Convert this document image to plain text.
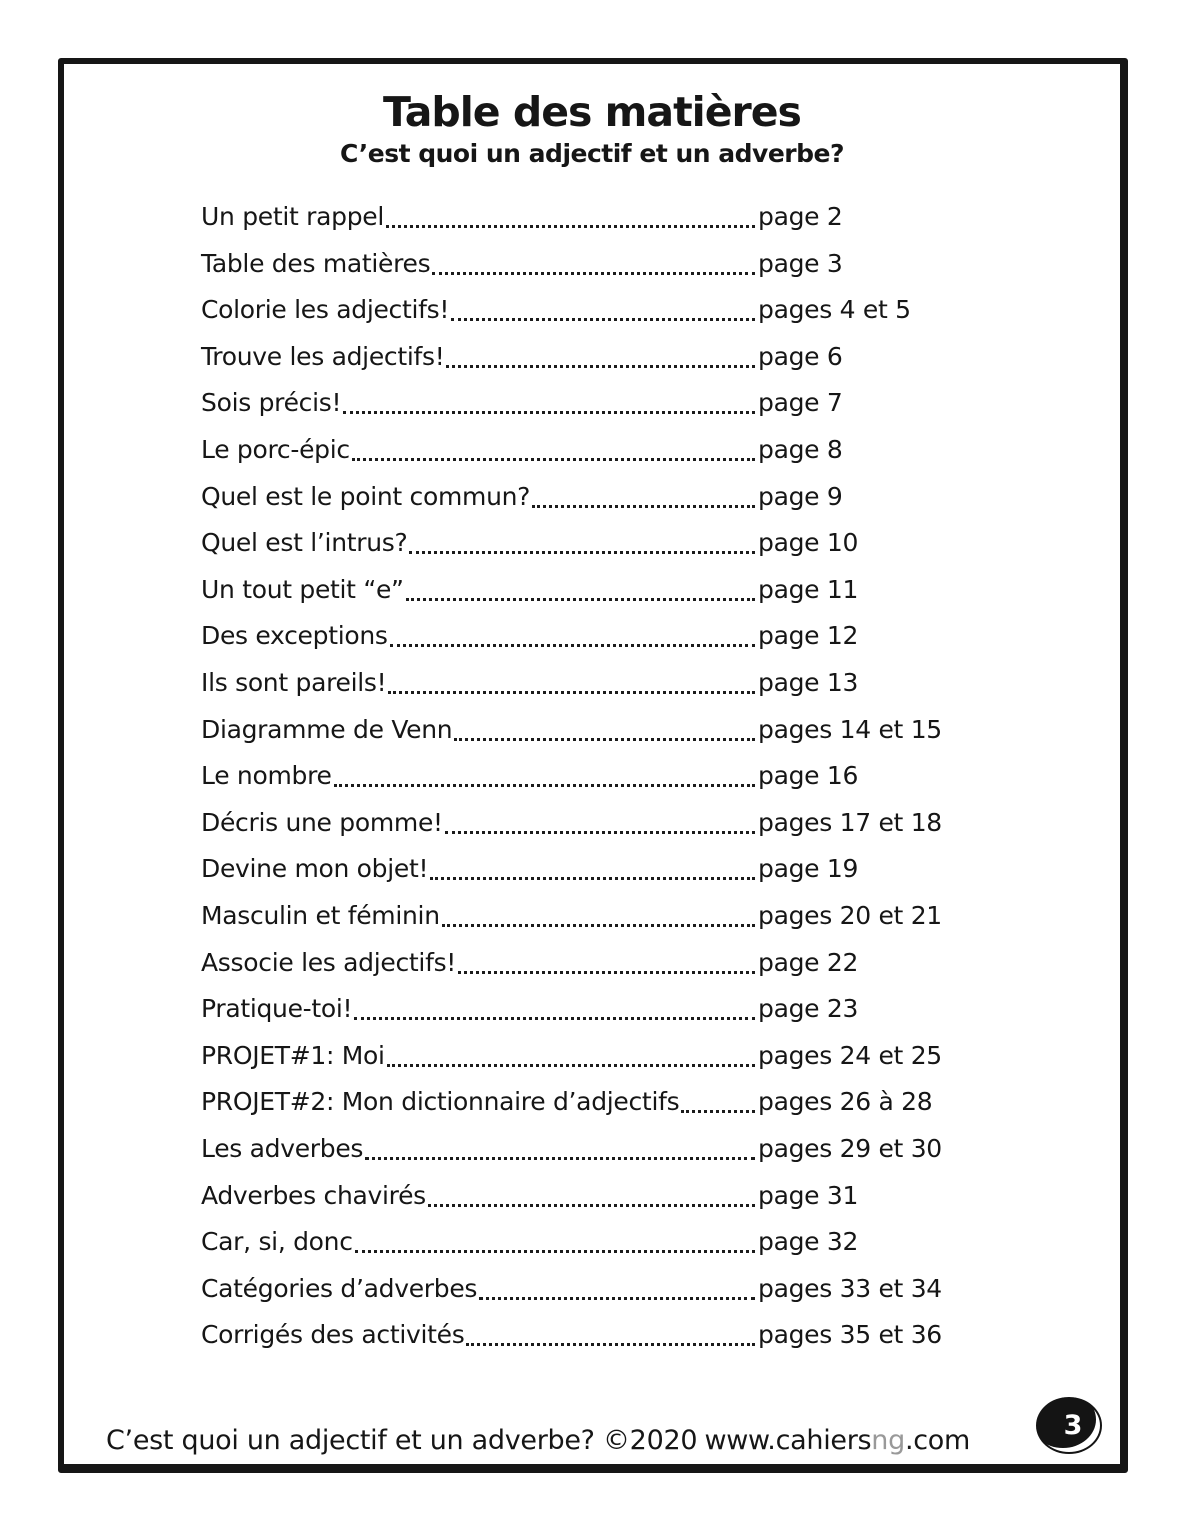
Table des matières
C’est quoi un adjectif et un adverbe?
Un petit rappel	page 2
Table des matières	page 3
Colorie les adjectifs!	pages 4 et 5
Trouve les adjectifs!	page 6
Sois précis!	page 7
Le porc-épic	page 8
Quel est le point commun?	page 9
Quel est l’intrus?	page 10
Un tout petit “e”	page 11
Des exceptions	page 12
Ils sont pareils!	page 13
Diagramme de Venn	pages 14 et 15
Le nombre	page 16
Décris une pomme!	pages 17 et 18
Devine mon objet!	page 19
Masculin et féminin	pages 20 et 21
Associe les adjectifs!	page 22
Pratique-toi!	page 23
PROJET#1: Moi	pages 24 et 25
PROJET#2: Mon dictionnaire d’adjectifs	pages 26 à 28
Les adverbes	pages 29 et 30
Adverbes chavirés	page 31
Car, si, donc	page 32
Catégories d’adverbes	pages 33 et 34
Corrigés des activités	pages 35 et 36
C’est quoi un adjectif et un adverbe? ©2020 www.cahiersng.com	3
